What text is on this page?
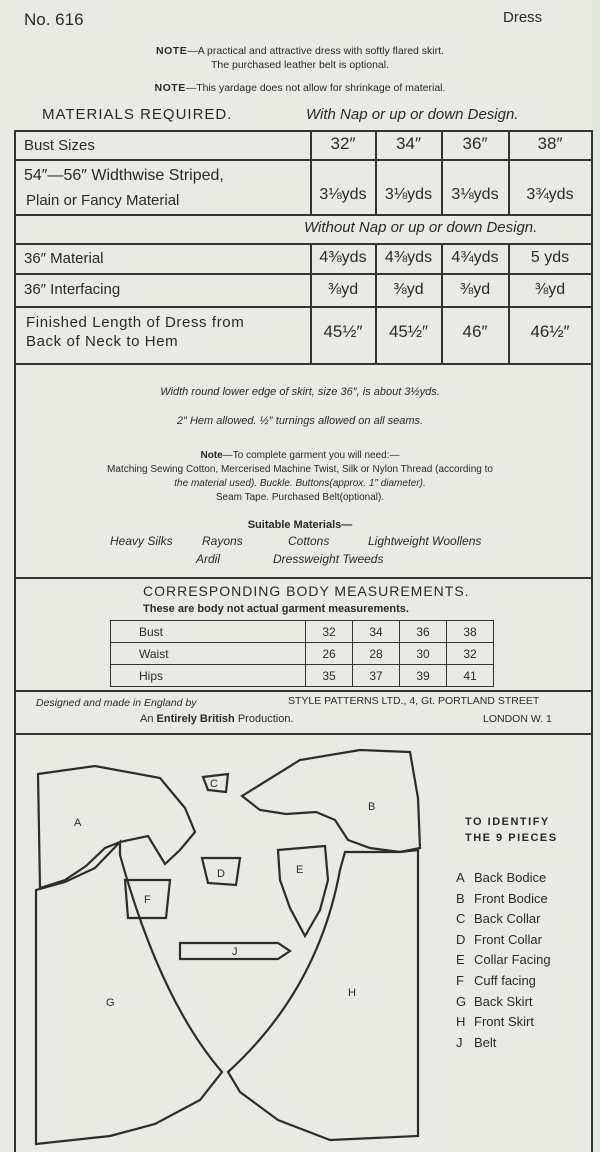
No. 616	Dress
NOTE—A practical and attractive dress with softly flared skirt.
The purchased leather belt is optional.
NOTE—This yardage does not allow for shrinkage of material.
MATERIALS REQUIRED.	With Nap or up or down Design.
Bust Sizes	32″	34″	36″	38″
54″—56″ Widthwise Striped,
Plain or Fancy Material	3⅛yds	3⅛yds	3⅛yds	3¾yds
Without Nap or up or down Design.
36″ Material	4⅜yds	4⅜yds	4¾yds	5 yds
36″ Interfacing	⅜yd	⅜yd	⅜yd	⅜yd
Finished Length of Dress from
Back of Neck to Hem
45½″	45½″	46″	46½″
Width round lower edge of skirt, size 36″, is about 3½yds.
2″ Hem allowed. ½″ turnings allowed on all seams.
Note—To complete garment you will need:—
Matching Sewing Cotton, Mercerised Machine Twist, Silk or Nylon Thread (according to
the material used). Buckle. Buttons(approx. 1″ diameter).
Seam Tape. Purchased Belt(optional).
Suitable Materials—
Heavy Silks Rayons	Cottons	Lightweight Woollens
Ardil	Dressweight Tweeds
CORRESPONDING BODY MEASUREMENTS.
These are body not actual garment measurements.
Bust	32	34	36	38
Waist	26	28	30	32
Hips	35	37	39	41
Designed and made in England by	STYLE PATTERNS LTD., 4, Gt. PORTLAND STREET
An Entirely British Production.	LONDON W. 1
A
B
C
D	E
F
G
H
J
TO IDENTIFY
THE 9 PIECES
A Back Bodice
B Front Bodice
C Back Collar
D Front Collar
E Collar Facing
F Cuff facing
G Back Skirt
H Front Skirt
J Belt
